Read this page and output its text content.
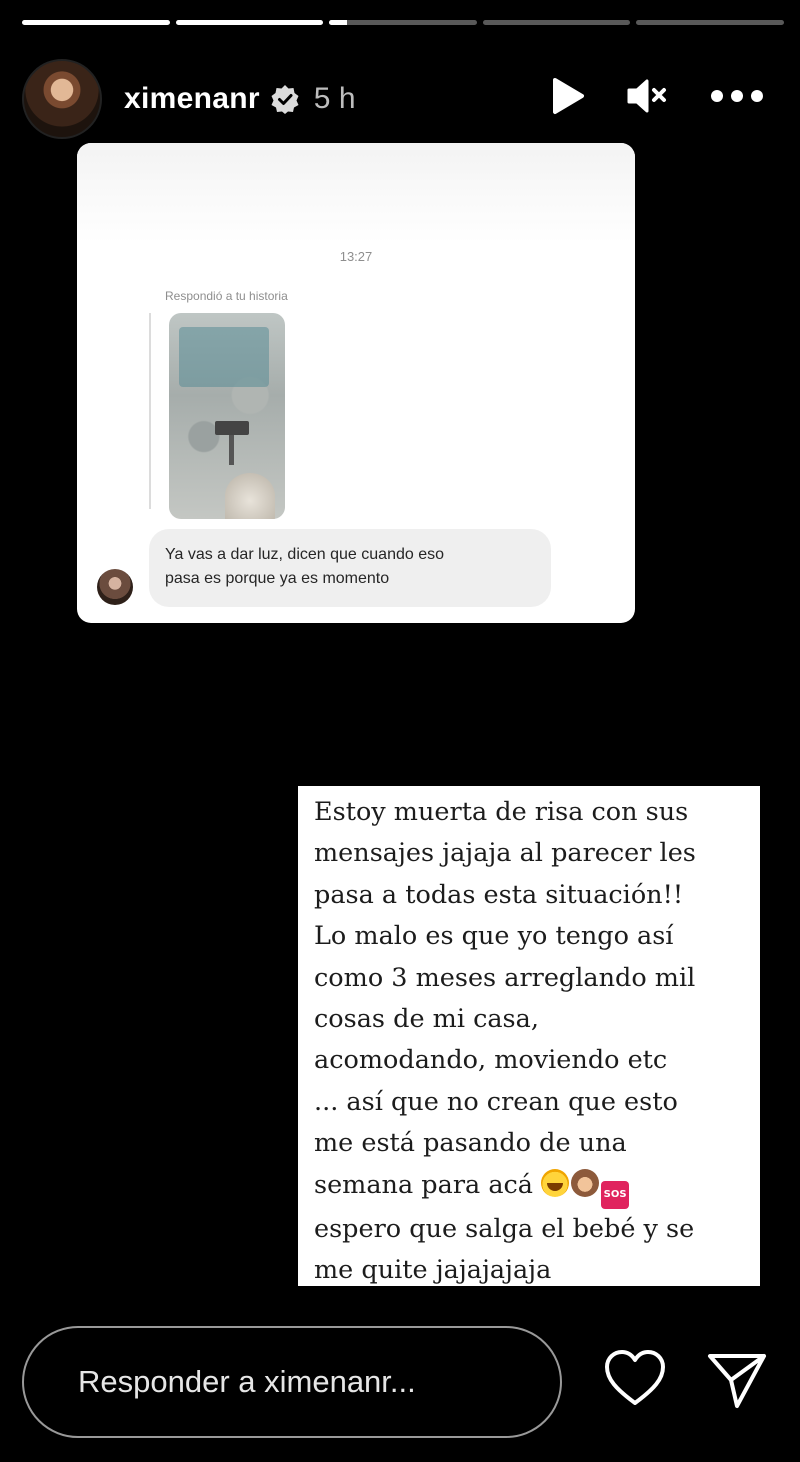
ximenanr 5 h
13:27
Respondió a tu historia
Ya vas a dar luz, dicen que cuando eso
pasa es porque ya es momento

Estoy muerta de risa con sus

mensajes jajaja al parecer les

pasa a todas esta situación!!

Lo malo es que yo tengo así

como 3 meses arreglando mil

cosas de mi casa,

acomodando, moviendo etc

... así que no crean que esto

me está pasando de una

semana para acá	SOS

espero que salga el bebé y se

me quite jajajajaja

Responder a ximenanr...
